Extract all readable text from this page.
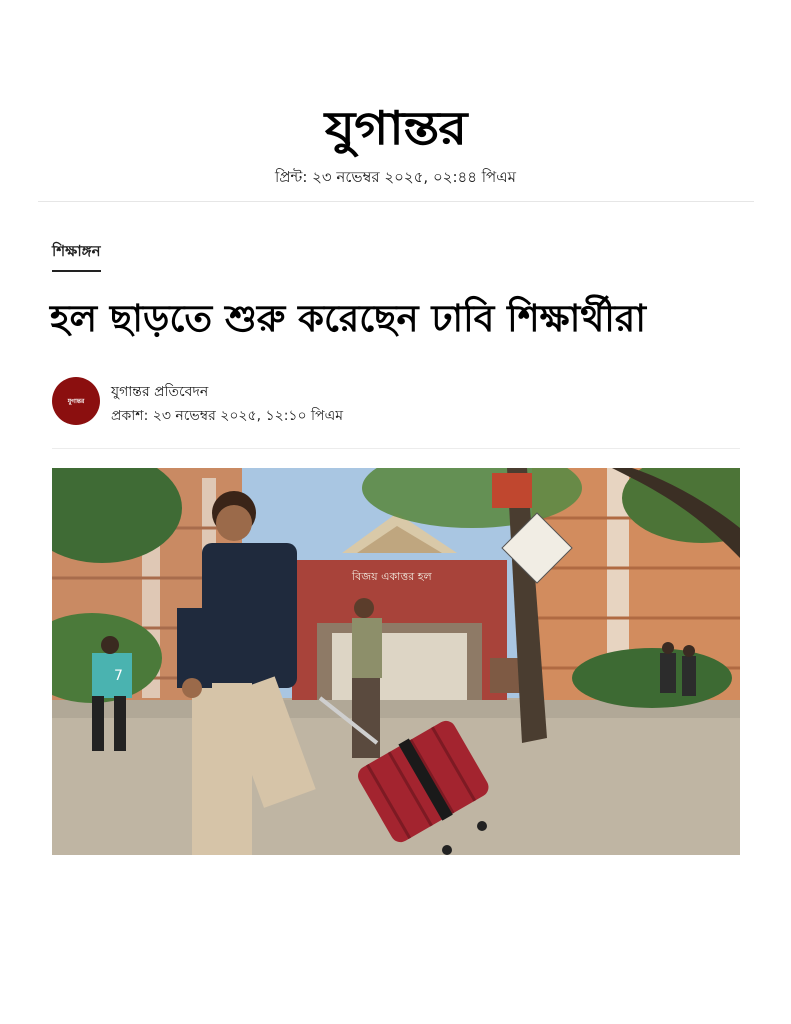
যুগান্তর
প্রিন্ট: ২৩ নভেম্বর ২০২৫, ০২:৪৪ পিএম
শিক্ষাঙ্গন
হল ছাড়তে শুরু করেছেন ঢাবি শিক্ষার্থীরা
যুগান্তর
যুগান্তর প্রতিবেদন
প্রকাশ: ২৩ নভেম্বর ২০২৫, ১২:১০ পিএম
বিজয় একাত্তর হল
7
